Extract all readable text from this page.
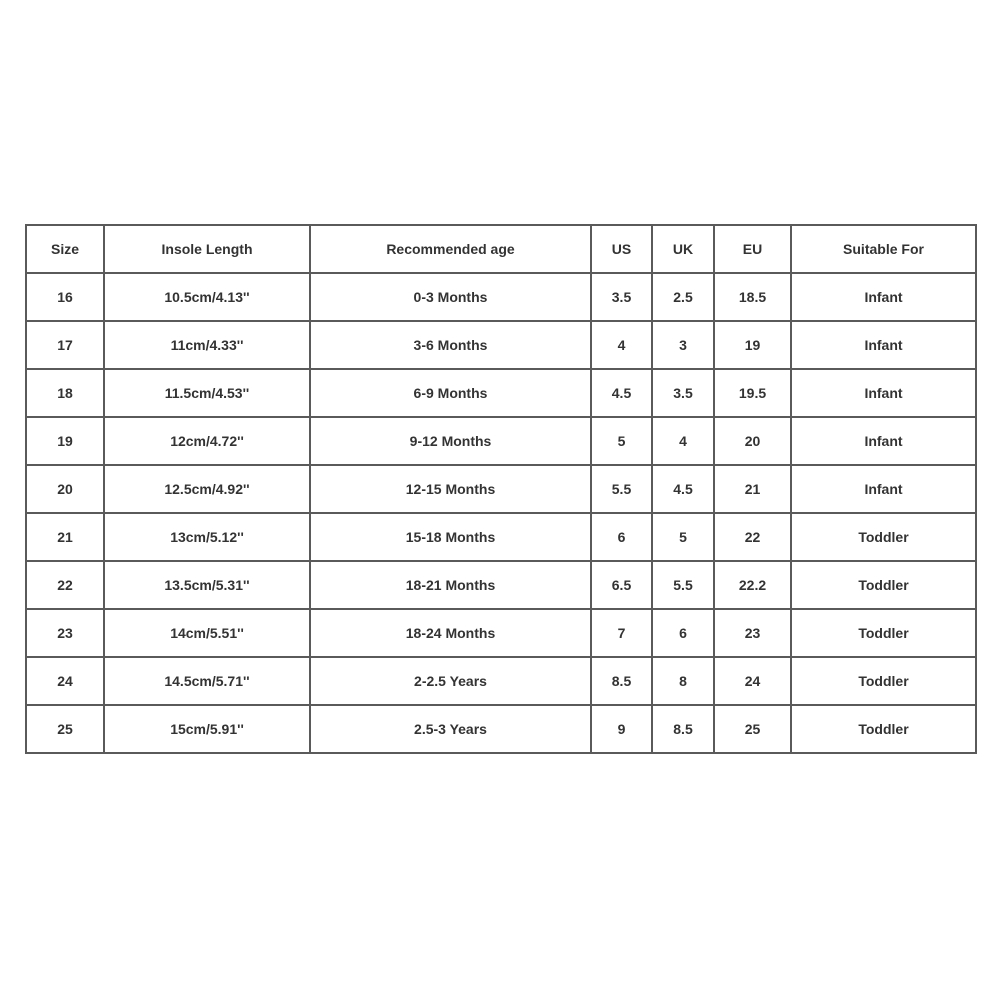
Size	Insole Length	Recommended age	US	UK	EU	Suitable For
16	10.5cm/4.13''	0-3 Months	3.5	2.5	18.5	Infant
17	11cm/4.33''	3-6 Months	4	3	19	Infant
18	11.5cm/4.53''	6-9 Months	4.5	3.5	19.5	Infant
19	12cm/4.72''	9-12 Months	5	4	20	Infant
20	12.5cm/4.92''	12-15 Months	5.5	4.5	21	Infant
21	13cm/5.12''	15-18 Months	6	5	22	Toddler
22	13.5cm/5.31''	18-21 Months	6.5	5.5	22.2	Toddler
23	14cm/5.51''	18-24 Months	7	6	23	Toddler
24	14.5cm/5.71''	2-2.5 Years	8.5	8	24	Toddler
25	15cm/5.91''	2.5-3 Years	9	8.5	25	Toddler
